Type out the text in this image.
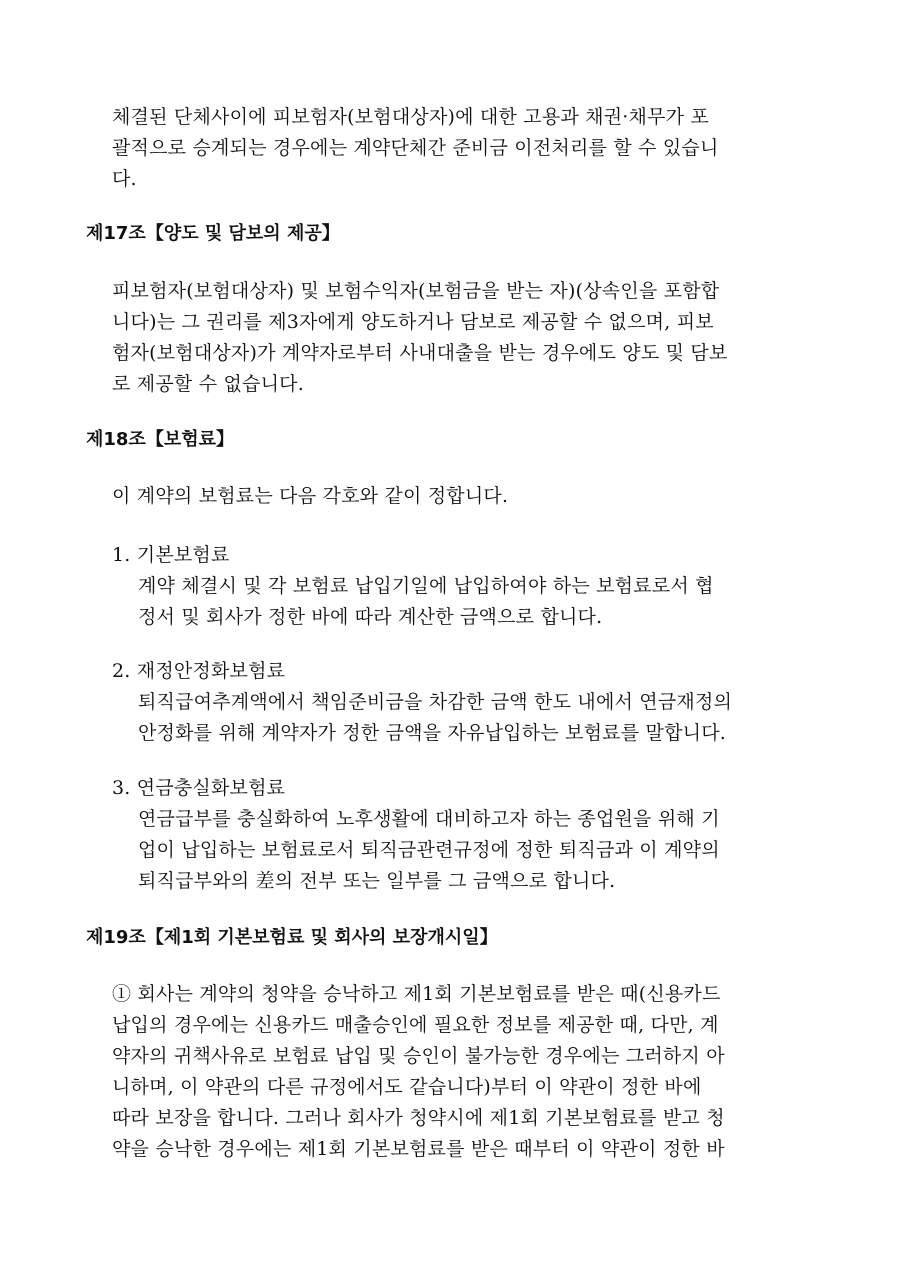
체결된 단체사이에 피보험자(보험대상자)에 대한 고용과 채권·채무가 포
괄적으로 승계되는 경우에는 계약단체간 준비금 이전처리를 할 수 있습니
다.
제17조【양도 및 담보의 제공】
피보험자(보험대상자) 및 보험수익자(보험금을 받는 자)(상속인을 포함합
니다)는 그 권리를 제3자에게 양도하거나 담보로 제공할 수 없으며, 피보
험자(보험대상자)가 계약자로부터 사내대출을 받는 경우에도 양도 및 담보
로 제공할 수 없습니다.
제18조【보험료】
이 계약의 보험료는 다음 각호와 같이 정합니다.
1. 기본보험료
계약 체결시 및 각 보험료 납입기일에 납입하여야 하는 보험료로서 협
정서 및 회사가 정한 바에 따라 계산한 금액으로 합니다.
2. 재정안정화보험료
퇴직급여추계액에서 책임준비금을 차감한 금액 한도 내에서 연금재정의
안정화를 위해 계약자가 정한 금액을 자유납입하는 보험료를 말합니다.
3. 연금충실화보험료
연금급부를 충실화하여 노후생활에 대비하고자 하는 종업원을 위해 기
업이 납입하는 보험료로서 퇴직금관련규정에 정한 퇴직금과 이 계약의
퇴직급부와의 差의 전부 또는 일부를 그 금액으로 합니다.
제19조【제1회 기본보험료 및 회사의 보장개시일】
① 회사는 계약의 청약을 승낙하고 제1회 기본보험료를 받은 때(신용카드
납입의 경우에는 신용카드 매출승인에 필요한 정보를 제공한 때, 다만, 계
약자의 귀책사유로 보험료 납입 및 승인이 불가능한 경우에는 그러하지 아
니하며, 이 약관의 다른 규정에서도 같습니다)부터 이 약관이 정한 바에
따라 보장을 합니다. 그러나 회사가 청약시에 제1회 기본보험료를 받고 청
약을 승낙한 경우에는 제1회 기본보험료를 받은 때부터 이 약관이 정한 바
